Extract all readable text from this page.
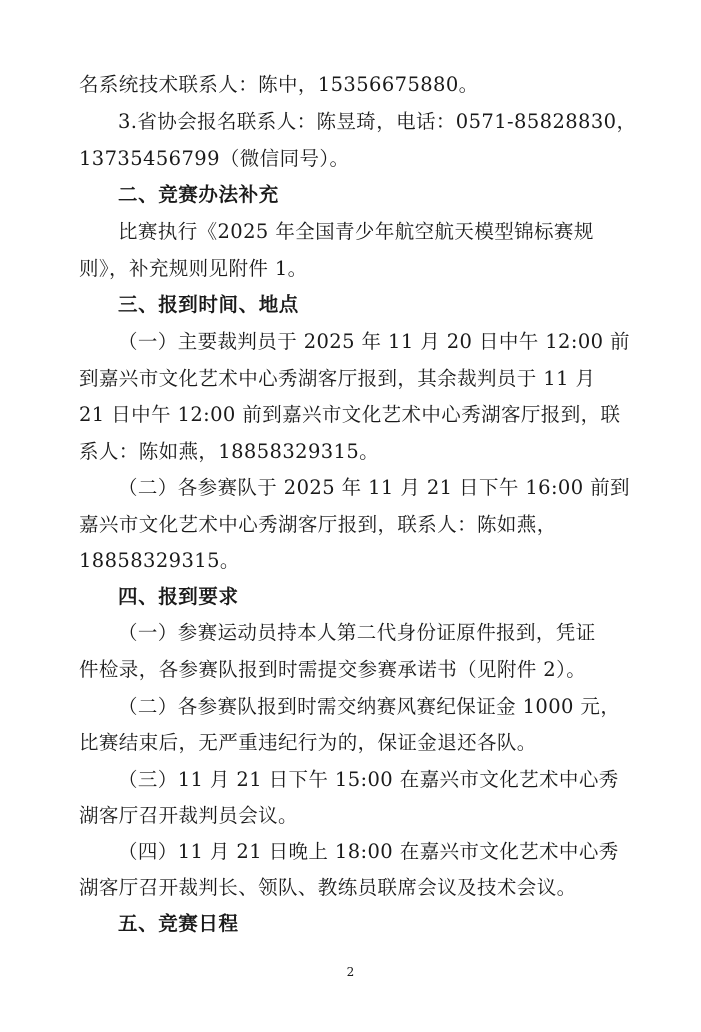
名系统技术联系人：陈中，15356675880。
3.省协会报名联系人：陈昱琦，电话：0571-85828830，
13735456799（微信同号）。
二、竞赛办法补充
比赛执行《2025 年全国青少年航空航天模型锦标赛规
则》，补充规则见附件 1。
三、报到时间、地点
（一）主要裁判员于 2025 年 11 月 20 日中午 12:00 前
到嘉兴市文化艺术中心秀湖客厅报到，其余裁判员于 11 月
21 日中午 12:00 前到嘉兴市文化艺术中心秀湖客厅报到，联
系人：陈如燕，18858329315。
（二）各参赛队于 2025 年 11 月 21 日下午 16:00 前到
嘉兴市文化艺术中心秀湖客厅报到，联系人：陈如燕，
18858329315。
四、报到要求
（一）参赛运动员持本人第二代身份证原件报到，凭证
件检录，各参赛队报到时需提交参赛承诺书（见附件 2）。
（二）各参赛队报到时需交纳赛风赛纪保证金 1000 元，
比赛结束后，无严重违纪行为的，保证金退还各队。
（三）11 月 21 日下午 15:00 在嘉兴市文化艺术中心秀
湖客厅召开裁判员会议。
（四）11 月 21 日晚上 18:00 在嘉兴市文化艺术中心秀
湖客厅召开裁判长、领队、教练员联席会议及技术会议。
五、竞赛日程
2
